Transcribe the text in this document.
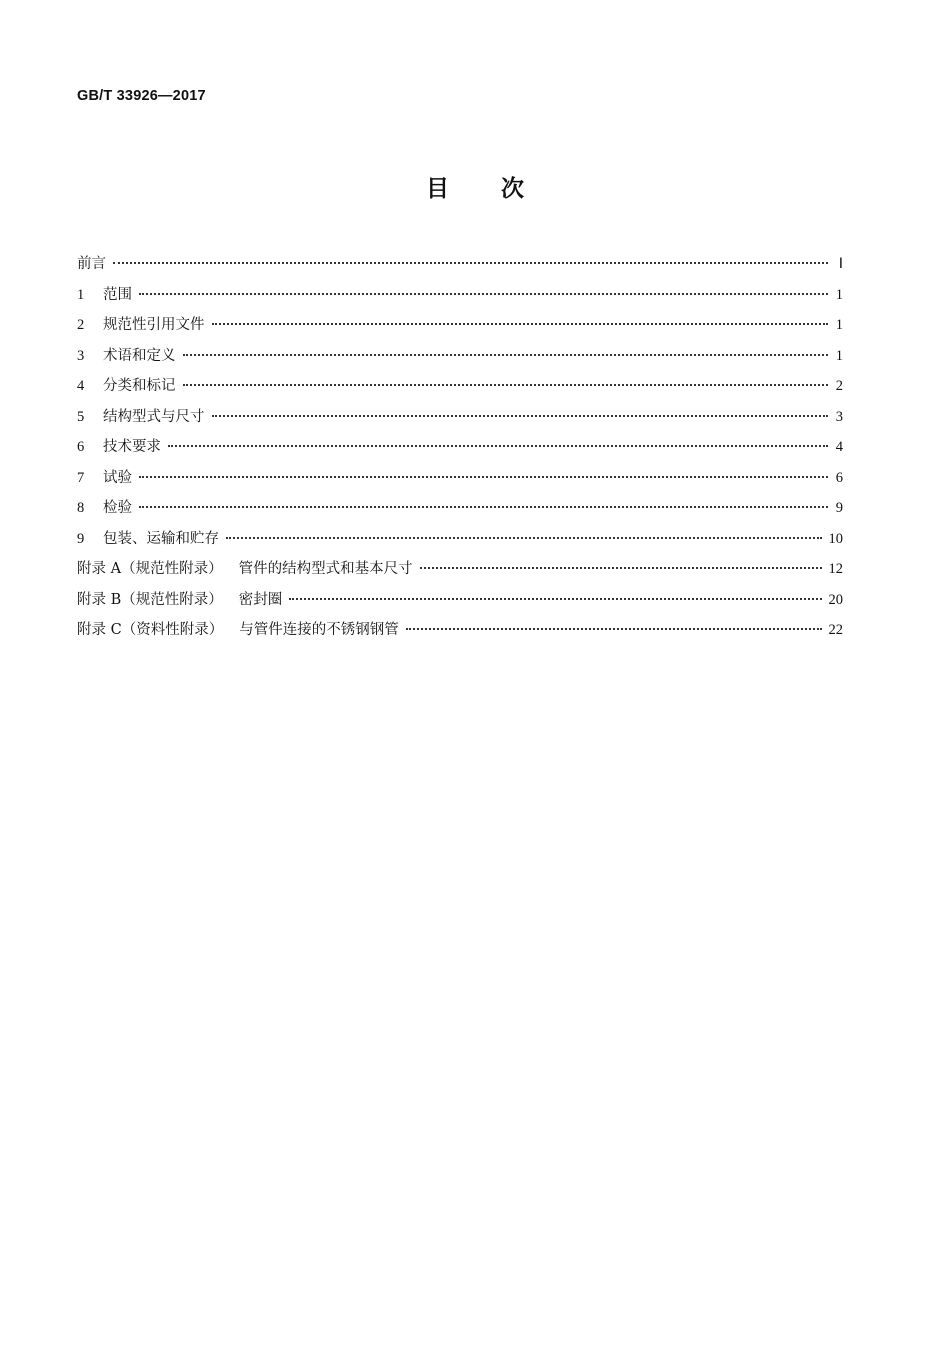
GB/T 33926—2017
目 次
前言	Ⅰ
1	范围	1
2	规范性引用文件	1
3	术语和定义	1
4	分类和标记	2
5	结构型式与尺寸	3
6	技术要求	4
7	试验	6
8	检验	9
9	包装、运输和贮存	10
附录 A（规范性附录） 管件的结构型式和基本尺寸	12
附录 B（规范性附录） 密封圈	20
附录 C（资料性附录） 与管件连接的不锈钢钢管	22
